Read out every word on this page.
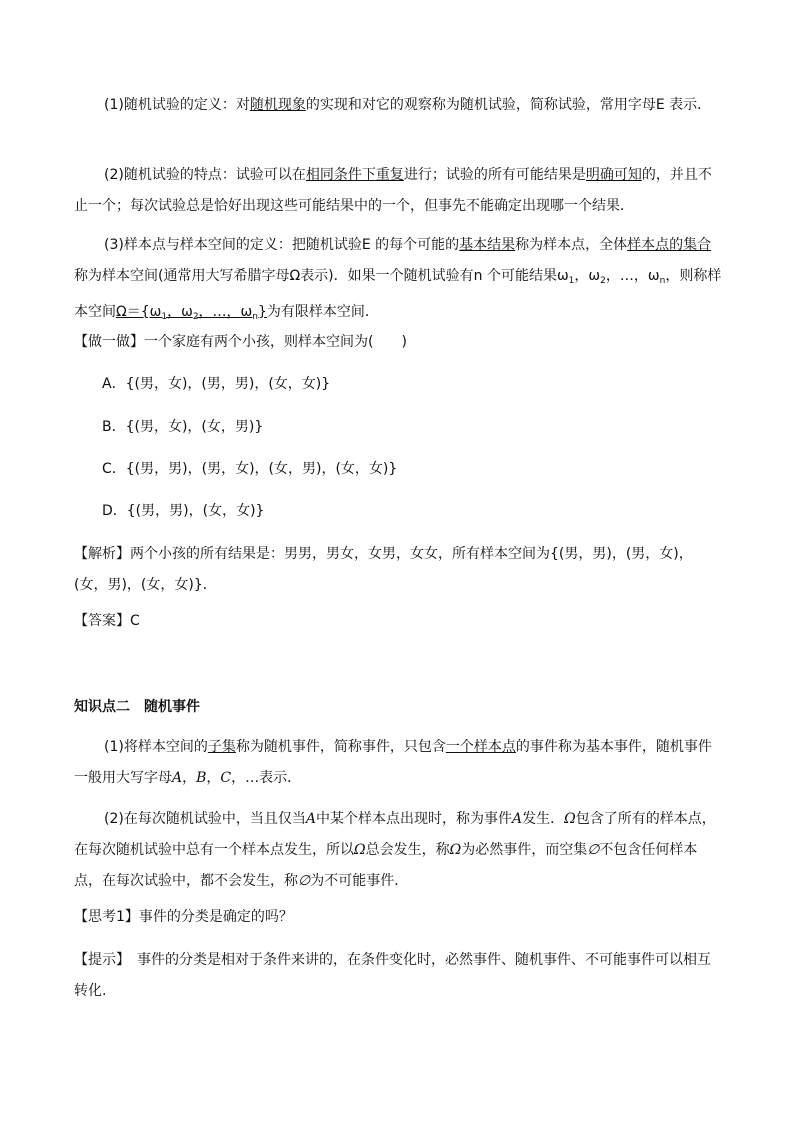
(1)随机试验的定义：对随机现象的实现和对它的观察称为随机试验，简称试验，常用字母E 表示．

(2)随机试验的特点：试验可以在相同条件下重复进行；试验的所有可能结果是明确可知的，并且不止一个；每次试验总是恰好出现这些可能结果中的一个，但事先不能确定出现哪一个结果．

(3)样本点与样本空间的定义：把随机试验E 的每个可能的基本结果称为样本点，全体样本点的集合称为样本空间(通常用大写希腊字母Ω表示)．如果一个随机试验有n 个可能结果$\omega_1$，$\omega_2$，…，$\omega_n$，则称样本空间$\Omega=\{\omega_1$，$\omega_2$，…，$\omega_n$}为有限样本空间．

【做一做】一个家庭有两个小孩，则样本空间为(　　)

A．{(男，女)，(男，男)，(女，女)}

B．{(男，女)，(女，男)}

C．{(男，男)，(男，女)，(女，男)，(女，女)}

D．{(男，男)，(女，女)}

【解析】两个小孩的所有结果是：男男，男女，女男，女女，所有样本空间为{(男，男)，(男，女)，(女，男)，(女，女)}．

【答案】C

知识点二　随机事件

(1)将样本空间的子集称为随机事件，简称事件，只包含一个样本点的事件称为基本事件，随机事件一般用大写字母A，B，C，…表示．

(2)在每次随机试验中，当且仅当A中某个样本点出现时，称为事件A发生．Ω包含了所有的样本点，在每次随机试验中总有一个样本点发生，所以Ω总会发生，称Ω为必然事件，而空集∅不包含任何样本点，在每次试验中，都不会发生，称∅为不可能事件．

【思考1】事件的分类是确定的吗？

【提示】　事件的分类是相对于条件来讲的，在条件变化时，必然事件、随机事件、不可能事件可以相互转化.
